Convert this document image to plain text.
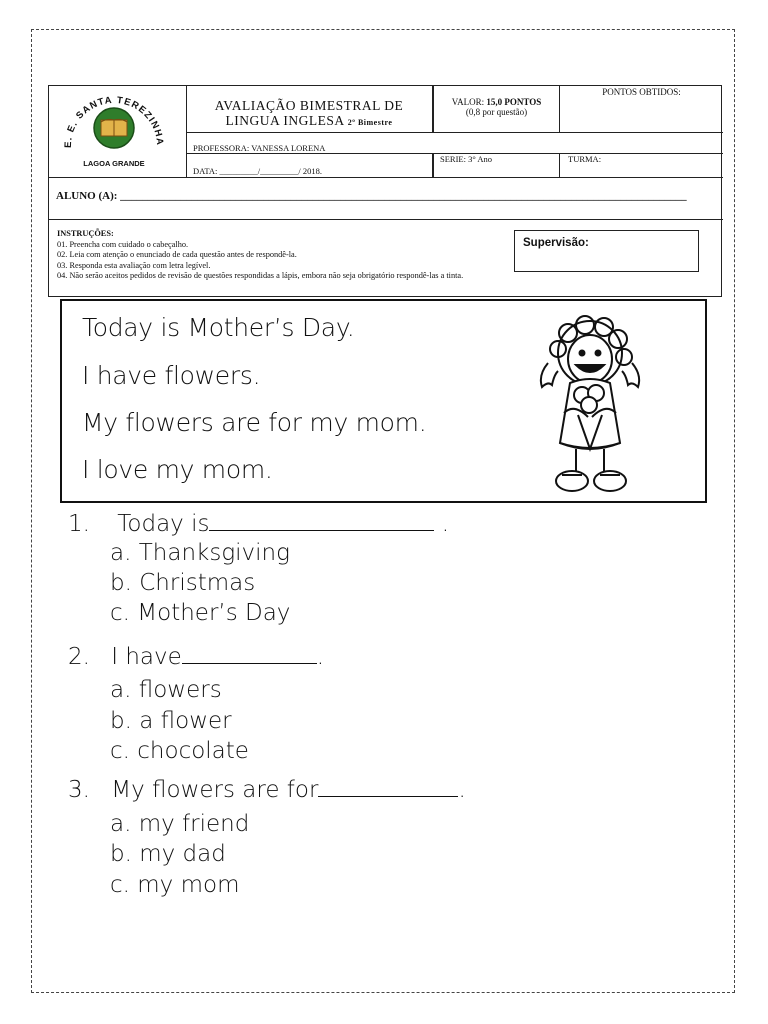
E. E. SANTA TEREZINHA
LAGOA GRANDE
AVALIAÇÃO BIMESTRAL DE
LINGUA INGLESA 2º Bimestre
VALOR: 15,0 PONTOS
(0,8 por questão)
PONTOS OBTIDOS:
PROFESSORA: VANESSA LORENA
DATA: _________/_________/ 2018.
SERIE: 3° Ano	TURMA:
ALUNO (A): _______________________________________________________________________________________________________
INSTRUÇÕES:
01. Preencha com cuidado o cabeçalho.
02. Leia com atenção o enunciado de cada questão antes de respondê-la.
03. Responda esta avaliação com letra legível.
04. Não serão aceitos pedidos de revisão de questões respondidas a lápis, embora não seja obrigatório respondê-las a tinta.
Supervisão:
Today is Mother’s Day.
I have flowers.
My flowers are for my mom.
I love my mom.
1. Today is	.
a. Thanksgiving
b. Christmas
c. Mother’s Day
2. I have	.
a. flowers
b. a flower
c. chocolate
3. My flowers are for	.
a. my friend
b. my dad
c. my mom
